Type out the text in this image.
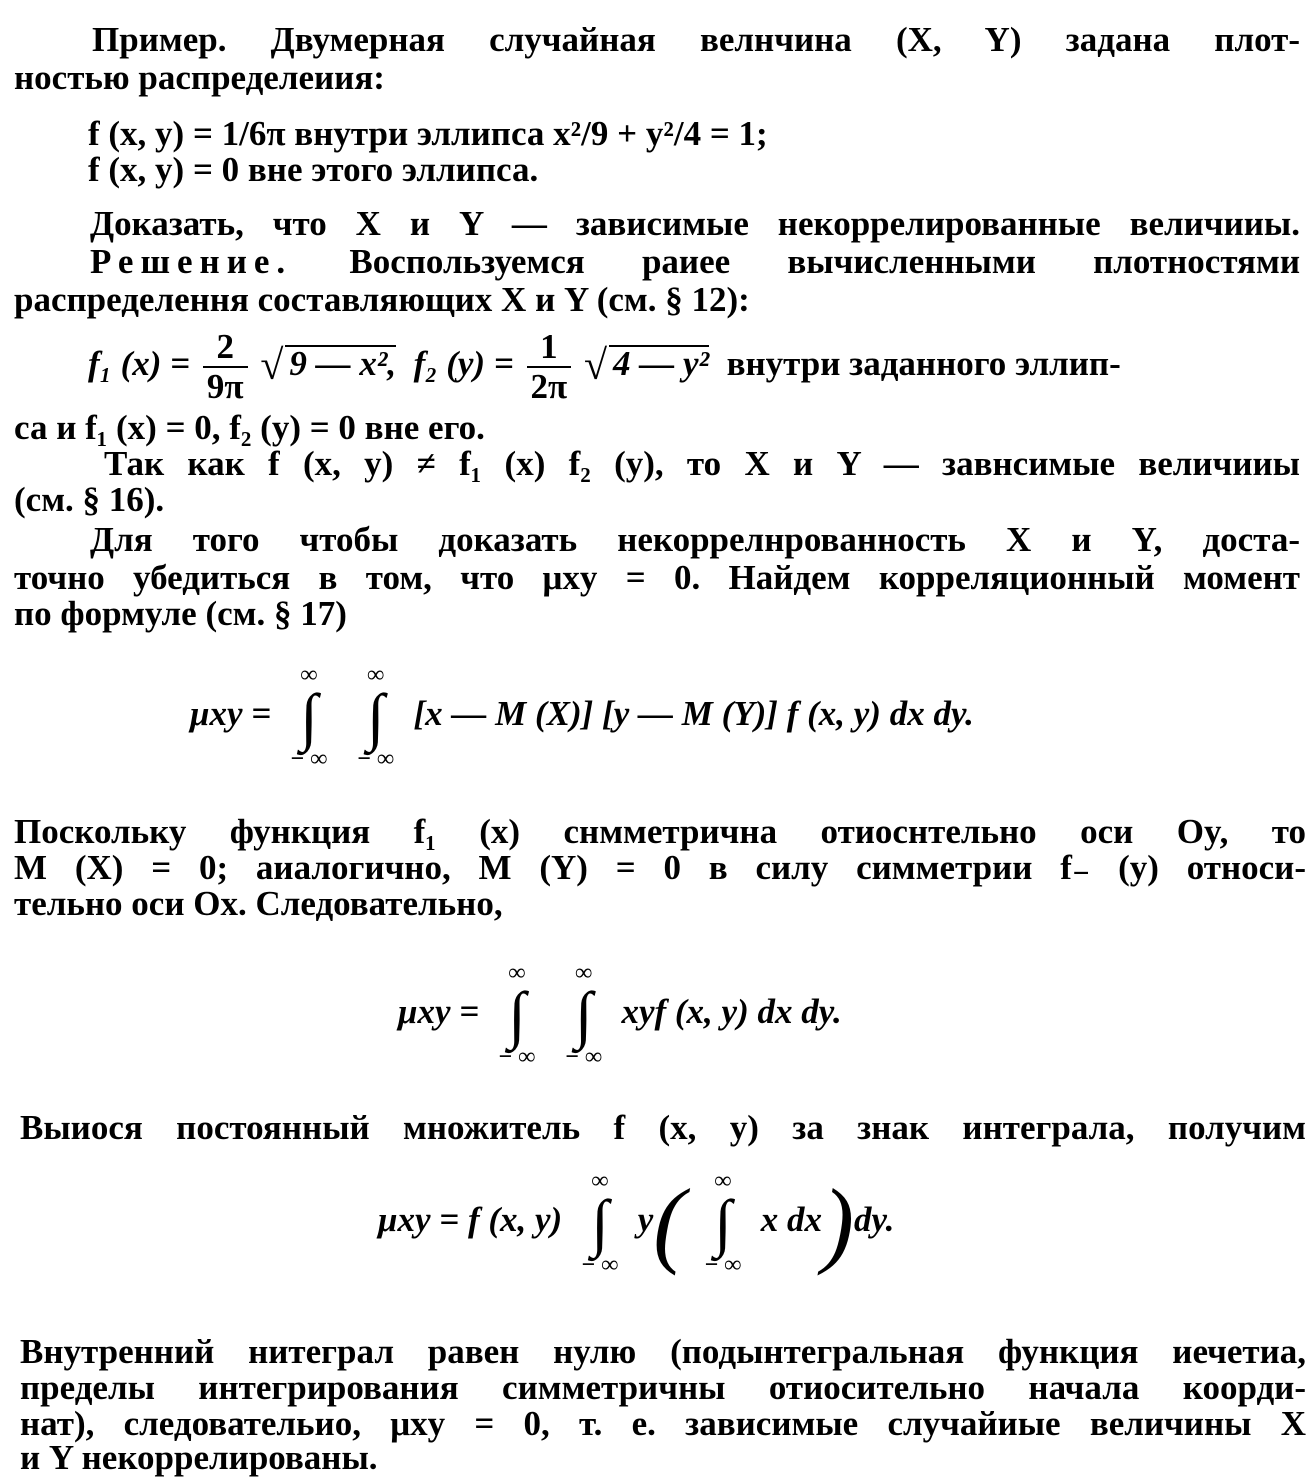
Пример. Двумерная случайная велнчина (X, Y) задана плот-

ностью распределеиия:

f (x, y) = 1/6π внутри эллипса x²/9 + y²/4 = 1;

f (x, y) = 0 вне этого эллипса.

Доказать, что X и Y — зависимые некоррелированные величииы.

Решение. Воспользуемся раиее вычисленными плотностями

распределення составляющих X и Y (см. § 12):

f₁ $(x) = \frac{2}{9\pi}$ √ 9 — x², f₂ $(y) = \frac{1}{2\pi}$ √ 4 — y² внутри заданного эллип-

са и f₁ (x) = 0, f₂ (y) = 0 вне его.

Так как f (x, y) ≠ f₁ (x) f₂ (y), то X и Y — завнсимые величииы

(см. § 16).

Для того чтобы доказать некоррелнрованность X и Y, доста-

точно убедиться в том, что μxy = 0. Найдем корреляционный момент

по формуле (см. § 17)

μxy =
∞
∫
− ∞

∞
∫
− ∞
[x — M (X)] [y — M (Y)] f (x, y) dx dy.

Поскольку функция f₁ (x) снмметрична отиоснтельно оси Oy, то

M (X) = 0; аиалогично, M (Y) = 0 в силу симметрии f₋ (y) относи-

тельно оси Ox. Следовательно,

μxy =
∞
∫
− ∞

∞
∫
− ∞
xyf (x, y) dx dy.

Выиося постоянный множитель f (x, y) за знак интеграла, получим

μxy = f (x, y)
∞
∫
− ∞
y(	∞
∫
− ∞
x dx)dy.

Внутренний нитеграл равен нулю (подынтегральная функция иечетиа,

пределы интегрирования симметричны отиосительно начала коорди-

нат), следовательио, μxy = 0, т. е. зависимые случайиые величины X

и Y некоррелированы.
